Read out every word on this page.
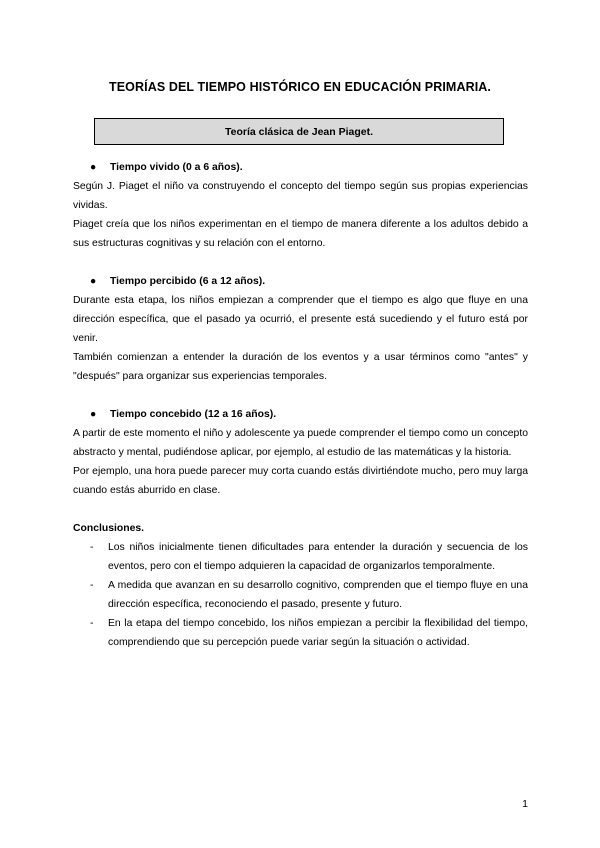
TEORÍAS DEL TIEMPO HISTÓRICO EN EDUCACIÓN PRIMARIA.
Teoría clásica de Jean Piaget.

● Tiempo vivido (0 a 6 años).

Según J. Piaget el niño va construyendo el concepto del tiempo según sus propias experiencias vividas.

Piaget creía que los niños experimentan en el tiempo de manera diferente a los adultos debido a sus estructuras cognitivas y su relación con el entorno.

● Tiempo percibido (6 a 12 años).

Durante esta etapa, los niños empiezan a comprender que el tiempo es algo que fluye en una dirección específica, que el pasado ya ocurrió, el presente está sucediendo y el futuro está por venir.

También comienzan a entender la duración de los eventos y a usar términos como "antes" y "después" para organizar sus experiencias temporales.

● Tiempo concebido (12 a 16 años).

A partir de este momento el niño y adolescente ya puede comprender el tiempo como un concepto abstracto y mental, pudiéndose aplicar, por ejemplo, al estudio de las matemáticas y la historia.

Por ejemplo, una hora puede parecer muy corta cuando estás divirtiéndote mucho, pero muy larga cuando estás aburrido en clase.

Conclusiones.

- Los niños inicialmente tienen dificultades para entender la duración y secuencia de los eventos, pero con el tiempo adquieren la capacidad de organizarlos temporalmente.
- A medida que avanzan en su desarrollo cognitivo, comprenden que el tiempo fluye en una dirección específica, reconociendo el pasado, presente y futuro.
- En la etapa del tiempo concebido, los niños empiezan a percibir la flexibilidad del tiempo, comprendiendo que su percepción puede variar según la situación o actividad.
1
